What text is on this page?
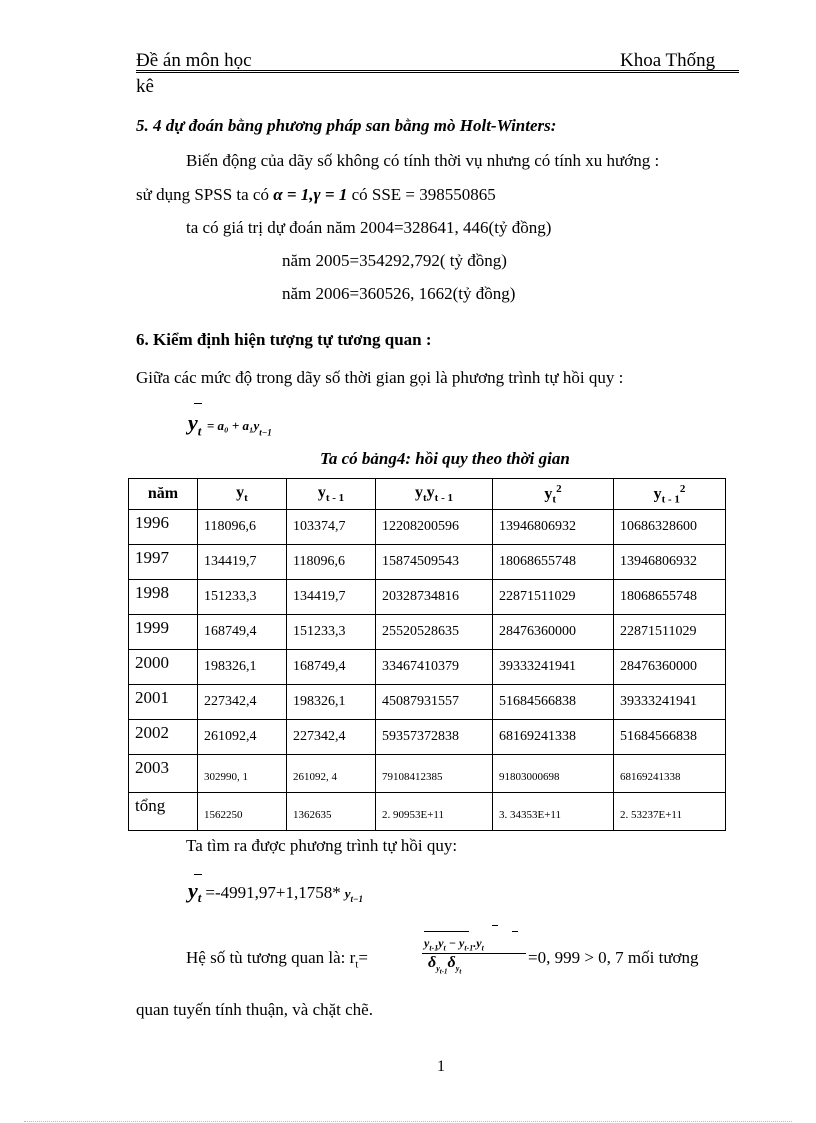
Đề án môn học	Khoa Thống
kê
5. 4 dự đoán bằng phương pháp san bằng mò Holt-Winters:
Biến động của dãy số không có tính thời vụ nhưng có tính xu hướng :
sử dụng SPSS ta có α = 1,γ = 1 có SSE = 398550865
ta có giá trị dự đoán năm 2004=328641, 446(tỷ đồng)
năm 2005=354292,792( tỷ đồng)
năm 2006=360526, 1662(tỷ đồng)
6. Kiểm định hiện tượng tự tương quan :
Giữa các mức độ trong dãy số thời gian gọi là phương trình tự hồi quy :
$y_t = a_0 + a_1y_{t-1}$
Ta có bảng4: hồi quy theo thời gian
năm	$y_t$	$y_{t - 1}$	$y_ty_{t - 1}$	$y_t^2$	$y_{t - 1}^2$
1996	118096,6	103374,7	12208200596	13946806932	10686328600
1997	134419,7	118096,6	15874509543	18068655748	13946806932
1998	151233,3	134419,7	20328734816	22871511029	18068655748
1999	168749,4	151233,3	25520528635	28476360000	22871511029
2000	198326,1	168749,4	33467410379	39333241941	28476360000
2001	227342,4	198326,1	45087931557	51684566838	39333241941
2002	261092,4	227342,4	59357372838	68169241338	51684566838
2003	302990, 1	261092, 4	79108412385	91803000698	68169241338
tổng	1562250	1362635	2. 90953E+11	3. 34353E+11	2. 53237E+11
Ta tìm ra được phương trình tự hồi quy:
$y_t =-4991,97+1,1758*$ $y_{t-1}$
Hệ số tù tương quan là: $r_t=$
$y_{t-1}y_t - y_{t-1}.y_t$
$\delta_{y_{t-1}}\delta_{y_t}$
=0, 999 > 0, 7 mối tương
quan tuyến tính thuận, và chặt chẽ.
1
